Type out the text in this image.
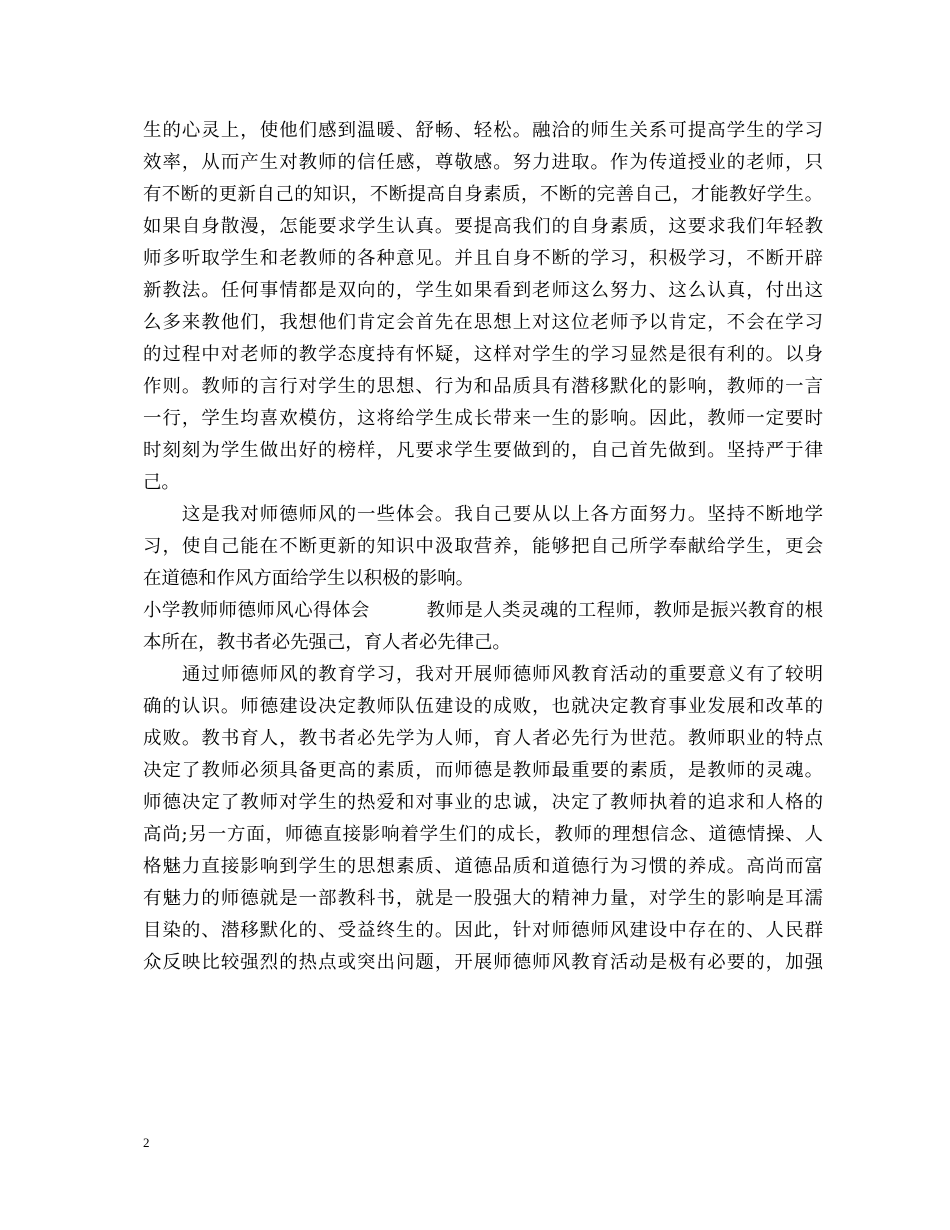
生的心灵上，使他们感到温暖、舒畅、轻松。融洽的师生关系可提高学生的学习
效率，从而产生对教师的信任感，尊敬感。努力进取。作为传道授业的老师，只
有不断的更新自己的知识，不断提高自身素质，不断的完善自己，才能教好学生。
如果自身散漫，怎能要求学生认真。要提高我们的自身素质，这要求我们年轻教
师多听取学生和老教师的各种意见。并且自身不断的学习，积极学习，不断开辟
新教法。任何事情都是双向的，学生如果看到老师这么努力、这么认真，付出这
么多来教他们，我想他们肯定会首先在思想上对这位老师予以肯定，不会在学习
的过程中对老师的教学态度持有怀疑，这样对学生的学习显然是很有利的。以身
作则。教师的言行对学生的思想、行为和品质具有潜移默化的影响，教师的一言
一行，学生均喜欢模仿，这将给学生成长带来一生的影响。因此，教师一定要时
时刻刻为学生做出好的榜样，凡要求学生要做到的，自己首先做到。坚持严于律
己。
　　这是我对师德师风的一些体会。我自己要从以上各方面努力。坚持不断地学
习，使自己能在不断更新的知识中汲取营养，能够把自己所学奉献给学生，更会
在道德和作风方面给学生以积极的影响。
小学教师师德师风心得体会　　　教师是人类灵魂的工程师，教师是振兴教育的根
本所在，教书者必先强己，育人者必先律己。
　　通过师德师风的教育学习，我对开展师德师风教育活动的重要意义有了较明
确的认识。师德建设决定教师队伍建设的成败，也就决定教育事业发展和改革的
成败。教书育人，教书者必先学为人师，育人者必先行为世范。教师职业的特点
决定了教师必须具备更高的素质，而师德是教师最重要的素质，是教师的灵魂。
师德决定了教师对学生的热爱和对事业的忠诚，决定了教师执着的追求和人格的
高尚;另一方面，师德直接影响着学生们的成长，教师的理想信念、道德情操、人
格魅力直接影响到学生的思想素质、道德品质和道德行为习惯的养成。高尚而富
有魅力的师德就是一部教科书，就是一股强大的精神力量，对学生的影响是耳濡
目染的、潜移默化的、受益终生的。因此，针对师德师风建设中存在的、人民群
众反映比较强烈的热点或突出问题，开展师德师风教育活动是极有必要的，加强
2
